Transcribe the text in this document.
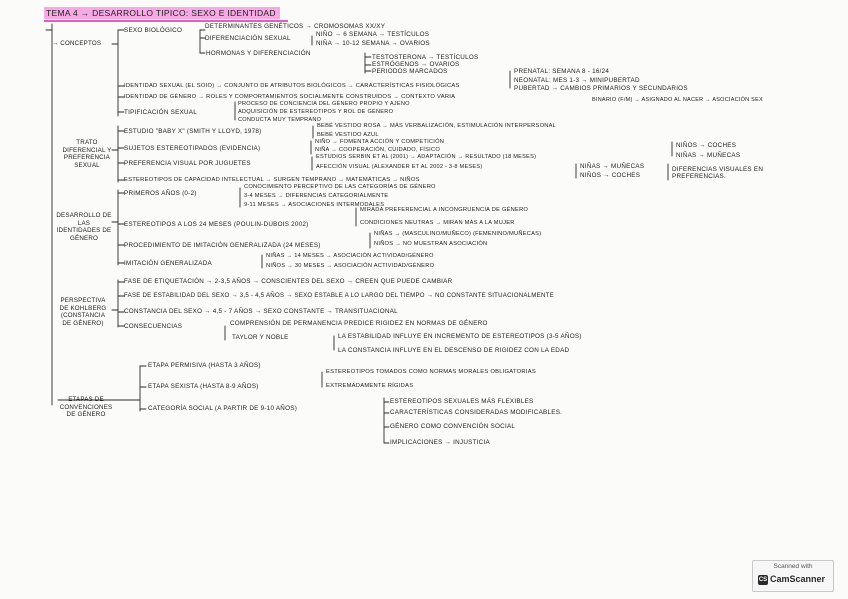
TEMA 4 → DESARROLLO TIPICO: SEXO E IDENTIDAD
→ CONCEPTOS
TRATO DIFERENCIAL Y PREFERENCIA SEXUAL
DESARROLLO DE LAS IDENTIDADES DE GÉNERO
PERSPECTIVA DE KOHLBERG (CONSTANCIA DE GÉNERO)
ETAPAS DE CONVENCIONES DE GÉNERO
SEXO BIOLÓGICO
DETERMINANTES GENÉTICOS → CROMOSOMAS XX/XY
DIFERENCIACIÓN SEXUAL
NIÑO → 6 SEMANA → TESTÍCULOS
NIÑA → 10-12 SEMANA → OVARIOS
HORMONAS Y DIFERENCIACIÓN
TESTOSTERONA → TESTÍCULOS
ESTRÓGENOS → OVARIOS
PERIODOS MARCADOS	PRENATAL: SEMANA 8 - 16/24
NEONATAL: MES 1-3 → MINIPUBERTAD
PUBERTAD → CAMBIOS PRIMARIOS Y SECUNDARIOS
IDENTIDAD SEXUAL (EL SOIO) → CONJUNTO DE ATRIBUTOS BIOLÓGICOS → CARACTERÍSTICAS FISIOLÓGICAS
IDENTIDAD DE GÉNERO → ROLES Y COMPORTAMIENTOS SOCIALMENTE CONSTRUIDOS → CONTEXTO VARIA	BINARIO (F/M) → ASIGNADO AL NACER → ASOCIACIÓN SEX
TIPIFICACIÓN SEXUAL
PROCESO DE CONCIENCIA DEL GÉNERO PROPIO Y AJENO
ADQUISICIÓN DE ESTEREOTIPOS Y ROL DE GÉNERO
CONDUCTA MUY TEMPRANO
ESTUDIO "BABY X" (SMITH Y LLOYD, 1978)
BEBÉ VESTIDO ROSA → MÁS VERBALIZACIÓN, ESTIMULACIÓN INTERPERSONAL
BEBÉ VESTIDO AZUL
SUJETOS ESTEREOTIPADOS (EVIDENCIA)
NIÑO → FOMENTA ACCIÓN Y COMPETICIÓN
NIÑA → COOPERACIÓN, CUIDADO, FÍSICO
NIÑOS → COCHES
NIÑAS → MUÑECAS
PREFERENCIA VISUAL POR JUGUETES
ESTUDIOS SERBIN ET AL (2001) → ADAPTACIÓN → RESULTADO (18 MESES)
AFECCIÓN VISUAL (ALEXANDER ET AL 2002 - 3-8 MESES)	NIÑAS → MUÑECAS
NIÑOS → COCHES
DIFERENCIAS VISUALES EN PREFERENCIAS.
ESTEREOTIPOS DE CAPACIDAD INTELECTUAL → SURGEN TEMPRANO → MATEMÁTICAS → NIÑOS
PRIMEROS AÑOS (0-2)
CONOCIMIENTO PERCEPTIVO DE LAS CATEGORÍAS DE GÉNERO
3-4 MESES → DIFERENCIAS CATEGORIALMENTE
9-11 MESES → ASOCIACIONES INTERMODALES
ESTEREOTIPOS A LOS 24 MESES (POULIN-DUBOIS 2002)
MIRADA PREFERENCIAL A INCONGRUENCIA DE GÉNERO
CONDICIONES NEUTRAS → MIRAN MÁS A LA MUJER
NIÑAS → (MASCULINO/MUÑECO) (FEMENINO/MUÑECAS)
PROCEDIMIENTO DE IMITACIÓN GENERALIZADA (24 MESES)	NIÑOS → NO MUESTRAN ASOCIACIÓN
IMITACIÓN GENERALIZADA
NIÑAS → 14 MESES → ASOCIACIÓN ACTIVIDAD/GÉNERO
NIÑOS → 30 MESES → ASOCIACIÓN ACTIVIDAD/GÉNERO
FASE DE ETIQUETACIÓN → 2-3,5 AÑOS → CONSCIENTES DEL SEXO → CREEN QUE PUEDE CAMBIAR
FASE DE ESTABILIDAD DEL SEXO → 3,5 - 4,5 AÑOS → SEXO ESTABLE A LO LARGO DEL TIEMPO → NO CONSTANTE SITUACIONALMENTE
CONSTANCIA DEL SEXO → 4,5 - 7 AÑOS → SEXO CONSTANTE → TRANSITUACIONAL
CONSECUENCIAS	COMPRENSIÓN DE PERMANENCIA PREDICE RIGIDEZ EN NORMAS DE GÉNERO
TAYLOR Y NOBLE	LA ESTABILIDAD INFLUYE EN INCREMENTO DE ESTEREOTIPOS (3-5 AÑOS)
LA CONSTANCIA INFLUYE EN EL DESCENSO DE RIGIDEZ CON LA EDAD
ETAPA PERMISIVA (HASTA 3 AÑOS)
ESTEREOTIPOS TOMADOS COMO NORMAS MORALES OBLIGATORIAS
ETAPA SEXISTA (HASTA 8-9 AÑOS)	EXTREMADAMENTE RÍGIDAS
CATEGORÍA SOCIAL (A PARTIR DE 9-10 AÑOS)
ESTEREOTIPOS SEXUALES MÁS FLEXIBLES
CARACTERÍSTICAS CONSIDERADAS MODIFICABLES.
GÉNERO COMO CONVENCIÓN SOCIAL
IMPLICACIONES → INJUSTICIA
Scanned with
CS CamScanner
